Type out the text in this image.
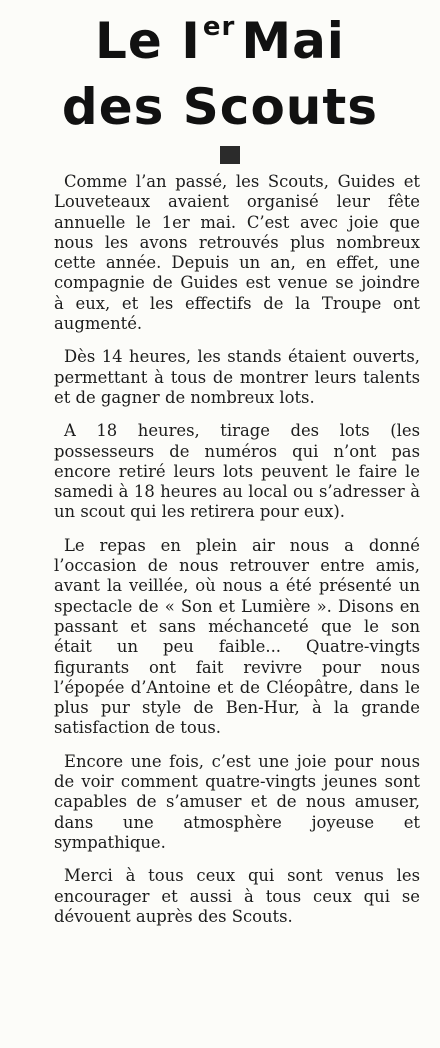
Le Ier Mai
des Scouts

Comme l’an passé, les Scouts, Guides et Louveteaux avaient organisé leur fête annuelle le 1er mai. C’est avec joie que nous les avons retrouvés plus nombreux cette année. Depuis un an, en effet, une compagnie de Guides est venue se joindre à eux, et les effectifs de la Troupe ont augmenté.

Dès 14 heures, les stands étaient ouverts, permettant à tous de montrer leurs talents et de gagner de nombreux lots.

A 18 heures, tirage des lots (les possesseurs de numéros qui n’ont pas encore retiré leurs lots peuvent le faire le samedi à 18 heures au local ou s’adresser à un scout qui les retirera pour eux).

Le repas en plein air nous a donné l’occasion de nous retrouver entre amis, avant la veillée, où nous a été présenté un spectacle de « Son et Lumière ». Disons en passant et sans méchanceté que le son était un peu faible... Quatre-vingts figurants ont fait revivre pour nous l’épopée d’Antoine et de Cléopâtre, dans le plus pur style de Ben-Hur, à la grande satisfaction de tous.

Encore une fois, c’est une joie pour nous de voir comment quatre-vingts jeunes sont capables de s’amuser et de nous amuser, dans une atmosphère joyeuse et sympathique.

Merci à tous ceux qui sont venus les encourager et aussi à tous ceux qui se dévouent auprès des Scouts.
